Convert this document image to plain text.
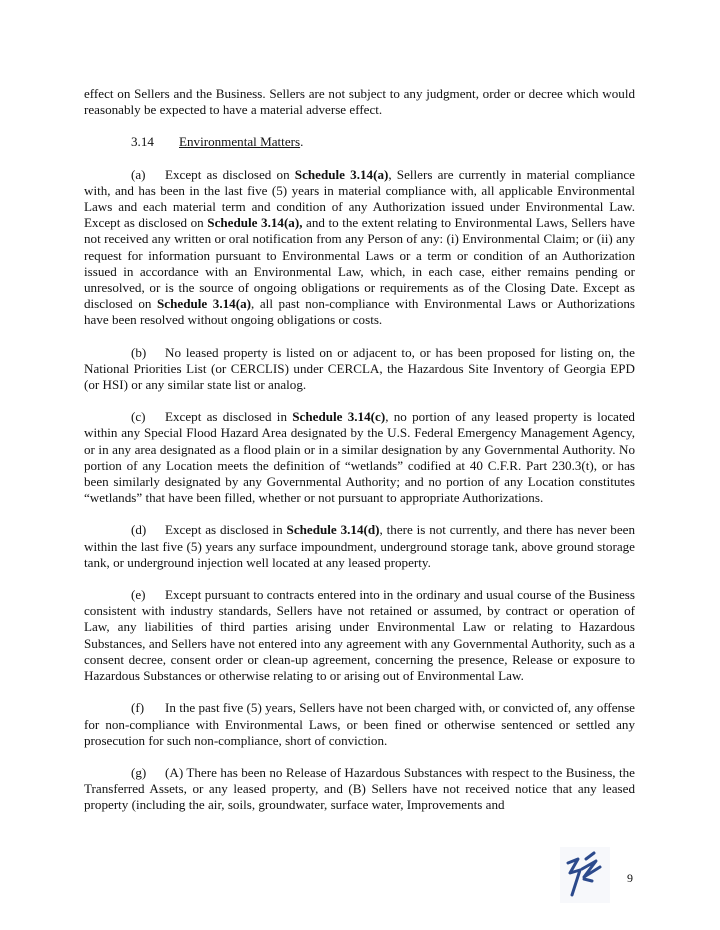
effect on Sellers and the Business. Sellers are not subject to any judgment, order or decree which would reasonably be expected to have a material adverse effect.

3.14 Environmental Matters.

(a) Except as disclosed on Schedule 3.14(a), Sellers are currently in material compliance with, and has been in the last five (5) years in material compliance with, all applicable Environmental Laws and each material term and condition of any Authorization issued under Environmental Law. Except as disclosed on Schedule 3.14(a), and to the extent relating to Environmental Laws, Sellers have not received any written or oral notification from any Person of any: (i) Environmental Claim; or (ii) any request for information pursuant to Environmental Laws or a term or condition of an Authorization issued in accordance with an Environmental Law, which, in each case, either remains pending or unresolved, or is the source of ongoing obligations or requirements as of the Closing Date. Except as disclosed on Schedule 3.14(a), all past non-compliance with Environmental Laws or Authorizations have been resolved without ongoing obligations or costs.

(b) No leased property is listed on or adjacent to, or has been proposed for listing on, the National Priorities List (or CERCLIS) under CERCLA, the Hazardous Site Inventory of Georgia EPD (or HSI) or any similar state list or analog.

(c) Except as disclosed in Schedule 3.14(c), no portion of any leased property is located within any Special Flood Hazard Area designated by the U.S. Federal Emergency Management Agency, or in any area designated as a flood plain or in a similar designation by any Governmental Authority. No portion of any Location meets the definition of “wetlands” codified at 40 C.F.R. Part 230.3(t), or has been similarly designated by any Governmental Authority; and no portion of any Location constitutes “wetlands” that have been filled, whether or not pursuant to appropriate Authorizations.

(d) Except as disclosed in Schedule 3.14(d), there is not currently, and there has never been within the last five (5) years any surface impoundment, underground storage tank, above ground storage tank, or underground injection well located at any leased property.

(e) Except pursuant to contracts entered into in the ordinary and usual course of the Business consistent with industry standards, Sellers have not retained or assumed, by contract or operation of Law, any liabilities of third parties arising under Environmental Law or relating to Hazardous Substances, and Sellers have not entered into any agreement with any Governmental Authority, such as a consent decree, consent order or clean-up agreement, concerning the presence, Release or exposure to Hazardous Substances or otherwise relating to or arising out of Environmental Law.

(f) In the past five (5) years, Sellers have not been charged with, or convicted of, any offense for non-compliance with Environmental Laws, or been fined or otherwise sentenced or settled any prosecution for such non-compliance, short of conviction.

(g) (A) There has been no Release of Hazardous Substances with respect to the Business, the Transferred Assets, or any leased property, and (B) Sellers have not received notice that any leased property (including the air, soils, groundwater, surface water, Improvements and

9
